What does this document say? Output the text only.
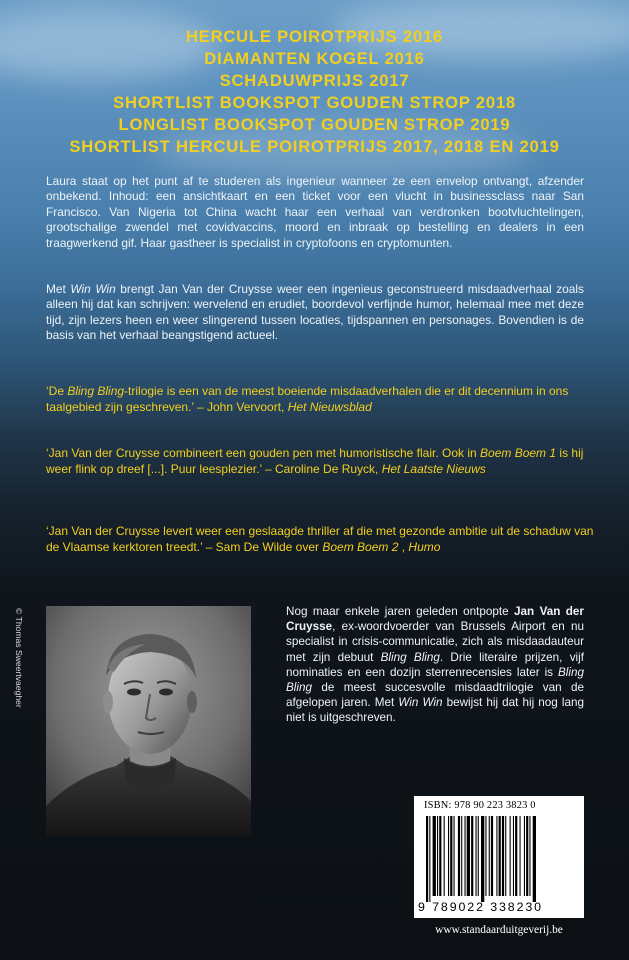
HERCULE POIROTPRIJS 2016
DIAMANTEN KOGEL 2016
SCHADUWPRIJS 2017
SHORTLIST BOOKSPOT GOUDEN STROP 2018
LONGLIST BOOKSPOT GOUDEN STROP 2019
SHORTLIST HERCULE POIROTPRIJS 2017, 2018 EN 2019

Laura staat op het punt af te studeren als ingenieur wanneer ze een envelop ontvangt, afzender onbekend. Inhoud: een ansichtkaart en een ticket voor een vlucht in businessclass naar San Francisco. Van Nigeria tot China wacht haar een verhaal van verdronken bootvluchtelingen, grootschalige zwendel met covidvaccins, moord en inbraak op bestelling en dealers in een traagwerkend gif. Haar gastheer is specialist in cryptofoons en cryptomunten.

Met Win Win brengt Jan Van der Cruysse weer een ingenieus geconstrueerd misdaadverhaal zoals alleen hij dat kan schrijven: wervelend en erudiet, boordevol verfijnde humor, helemaal mee met deze tijd, zijn lezers heen en weer slingerend tussen locaties, tijdspannen en personages. Bovendien is de basis van het verhaal beangstigend actueel.

‘De Bling Bling-trilogie is een van de meest boeiende misdaadverhalen die er dit decennium in ons taalgebied zijn geschreven.’ – John Vervoort, Het Nieuwsblad

‘Jan Van der Cruysse combineert een gouden pen met humoristische flair. Ook in Boem Boem 1 is hij weer flink op dreef [...]. Puur leesplezier.’ – Caroline De Ruyck, Het Laatste Nieuws

‘Jan Van der Cruysse levert weer een geslaagde thriller af die met gezonde ambitie uit de schaduw van de Vlaamse kerktoren treedt.’ – Sam De Wilde over Boem Boem 2 , Humo

© Thomas Sweertvaegher	Nog maar enkele jaren geleden ontpopte Jan Van der Cruysse, ex-woordvoerder van Brussels Airport en nu specialist in crisis-communicatie, zich als misdaadauteur met zijn debuut Bling Bling. Drie literaire prijzen, vijf nominaties en een dozijn sterrenrecensies later is Bling Bling de meest succesvolle misdaadtrilogie van de afgelopen jaren. Met Win Win bewijst hij dat hij nog lang niet is uitgeschreven.

ISBN: 978 90 223 3823 0
9 789022 338230
www.standaarduitgeverij.be
